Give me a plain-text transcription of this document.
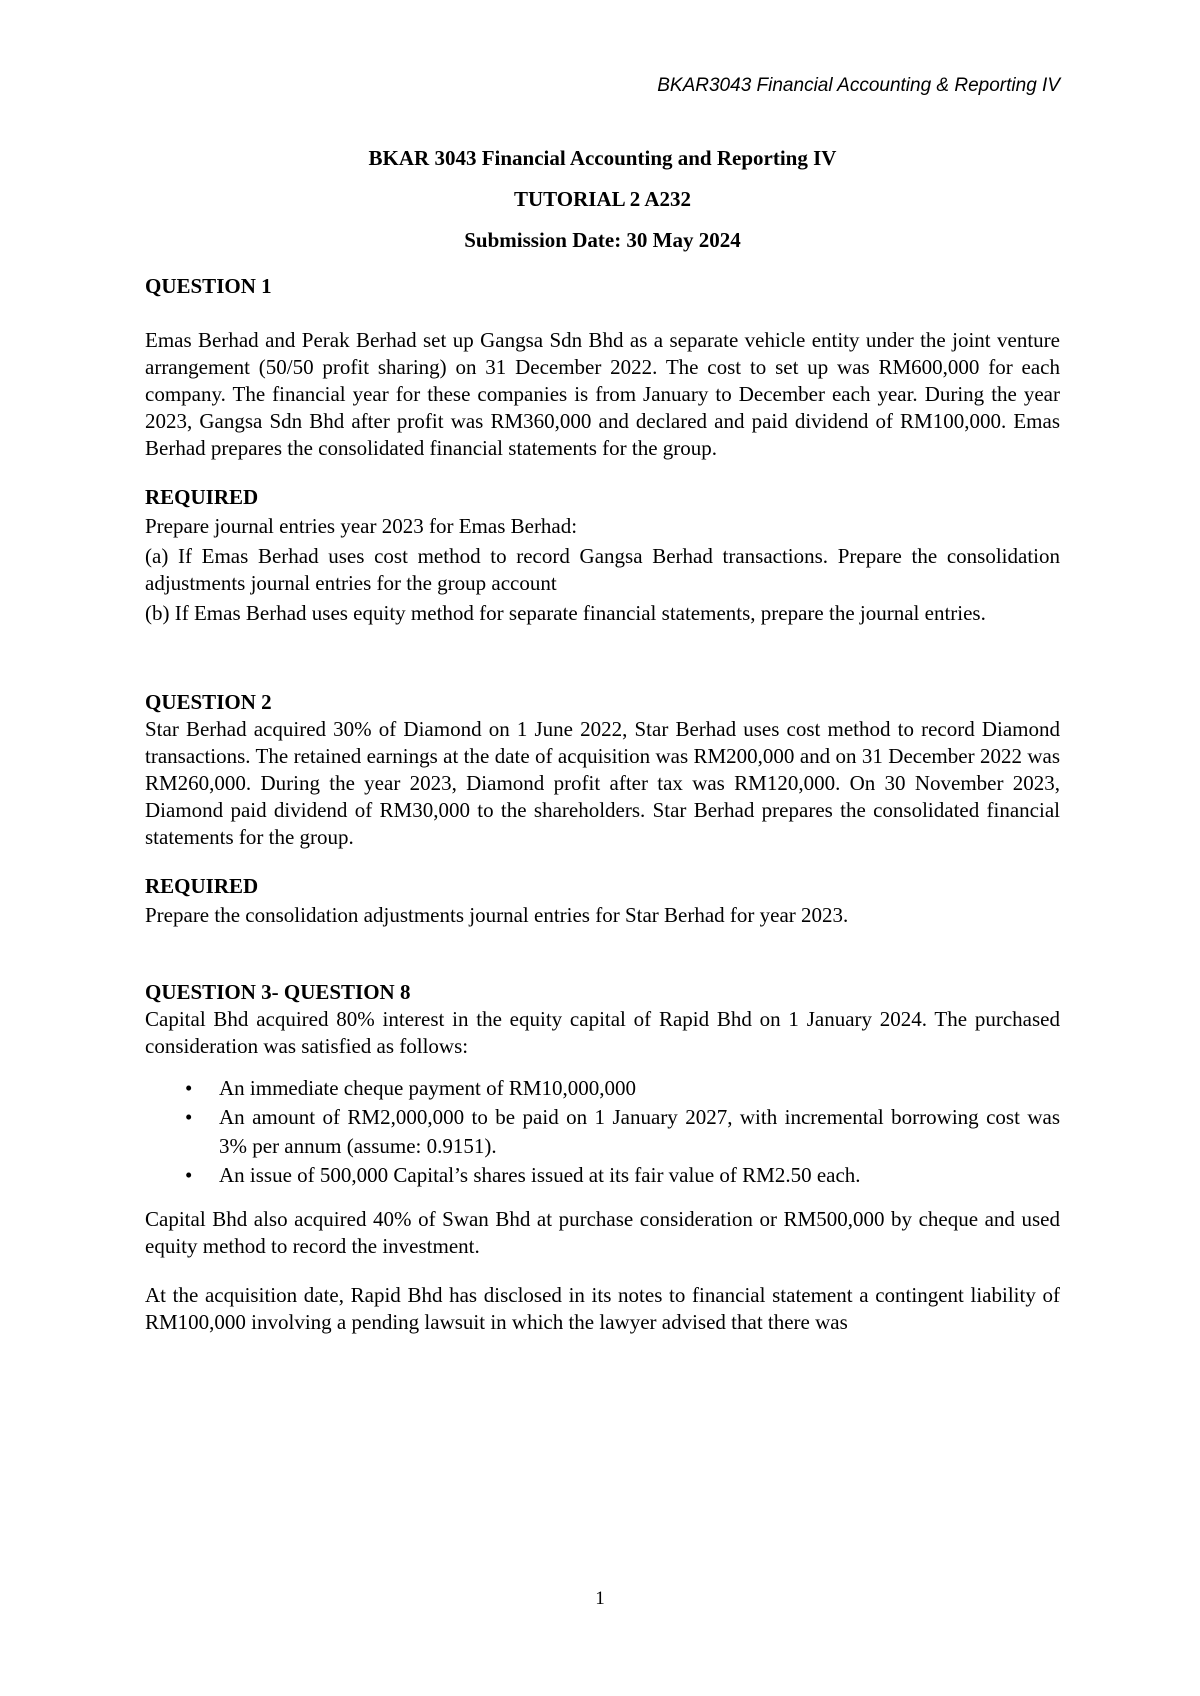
BKAR3043 Financial Accounting & Reporting IV
BKAR 3043 Financial Accounting and Reporting IV
TUTORIAL 2 A232
Submission Date: 30 May 2024
QUESTION 1

Emas Berhad and Perak Berhad set up Gangsa Sdn Bhd as a separate vehicle entity under the joint venture arrangement (50/50 profit sharing) on 31 December 2022. The cost to set up was RM600,000 for each company. The financial year for these companies is from January to December each year. During the year 2023, Gangsa Sdn Bhd after profit was RM360,000 and declared and paid dividend of RM100,000. Emas Berhad prepares the consolidated financial statements for the group.

REQUIRED

Prepare journal entries year 2023 for Emas Berhad:

(a) If Emas Berhad uses cost method to record Gangsa Berhad transactions. Prepare the consolidation adjustments journal entries for the group account

(b) If Emas Berhad uses equity method for separate financial statements, prepare the journal entries.

QUESTION 2

Star Berhad acquired 30% of Diamond on 1 June 2022, Star Berhad uses cost method to record Diamond transactions. The retained earnings at the date of acquisition was RM200,000 and on 31 December 2022 was RM260,000. During the year 2023, Diamond profit after tax was RM120,000. On 30 November 2023, Diamond paid dividend of RM30,000 to the shareholders. Star Berhad prepares the consolidated financial statements for the group.

REQUIRED

Prepare the consolidation adjustments journal entries for Star Berhad for year 2023.

QUESTION 3- QUESTION 8

Capital Bhd acquired 80% interest in the equity capital of Rapid Bhd on 1 January 2024. The purchased consideration was satisfied as follows:

• An immediate cheque payment of RM10,000,000
• An amount of RM2,000,000 to be paid on 1 January 2027, with incremental borrowing cost was 3% per annum (assume: 0.9151).
• An issue of 500,000 Capital’s shares issued at its fair value of RM2.50 each.

Capital Bhd also acquired 40% of Swan Bhd at purchase consideration or RM500,000 by cheque and used equity method to record the investment.

At the acquisition date, Rapid Bhd has disclosed in its notes to financial statement a contingent liability of RM100,000 involving a pending lawsuit in which the lawyer advised that there was

1
